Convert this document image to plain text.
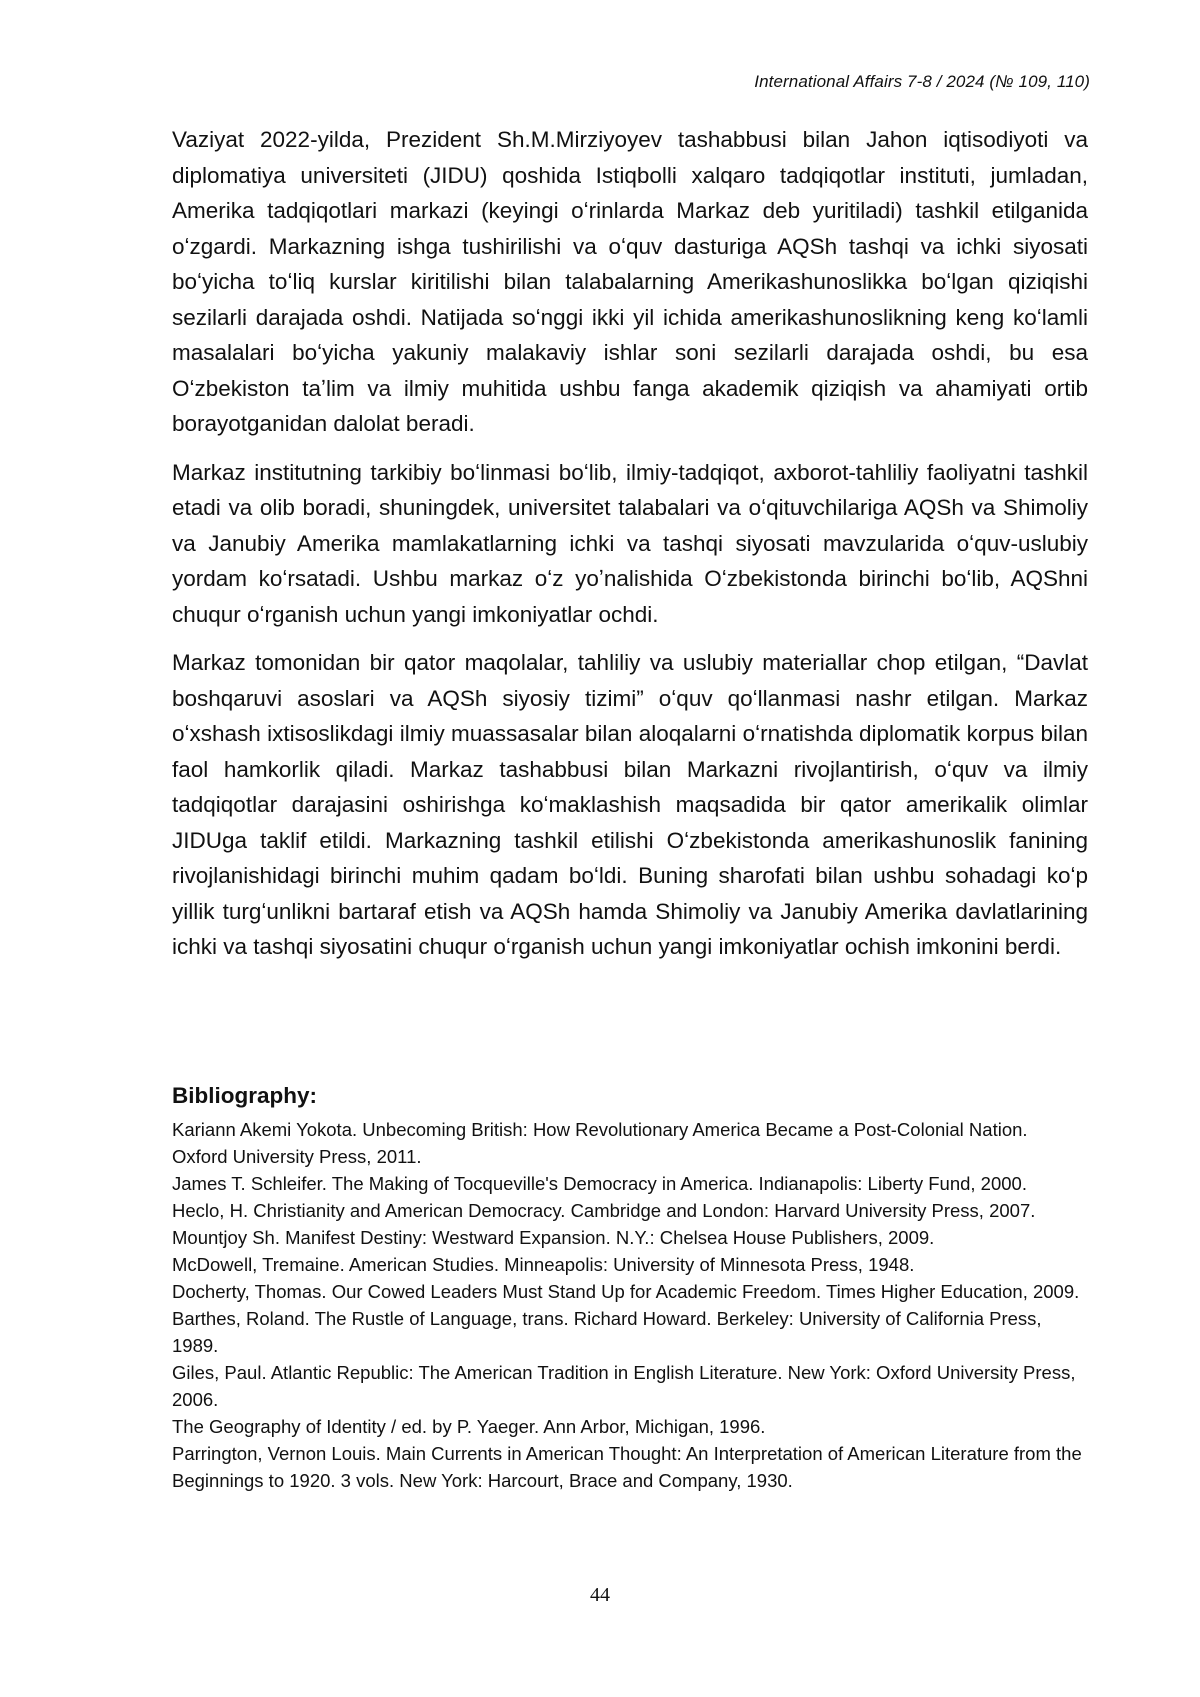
International Affairs 7-8 / 2024 (№ 109, 110)

Vaziyat 2022-yilda, Prezident Sh.M.Mirziyoyev tashabbusi bilan Jahon iqtisodiyoti va diplomatiya universiteti (JIDU) qoshida Istiqbolli xalqaro tadqiqotlar instituti, jumladan, Amerika tadqiqotlari markazi (keyingi oʻrinlarda Markaz deb yuritiladi) tashkil etilganida oʻzgardi. Markazning ishga tushirilishi va oʻquv dasturiga AQSh tashqi va ichki siyosati boʻyicha toʻliq kurslar kiritilishi bilan talabalarning Amerikashunoslikka boʻlgan qiziqishi sezilarli darajada oshdi. Natijada soʻnggi ikki yil ichida amerikashunoslikning keng koʻlamli masalalari boʻyicha yakuniy malakaviy ishlar soni sezilarli darajada oshdi, bu esa Oʻzbekiston taʼlim va ilmiy muhitida ushbu fanga akademik qiziqish va ahamiyati ortib borayotganidan dalolat beradi.

Markaz institutning tarkibiy boʻlinmasi boʻlib, ilmiy-tadqiqot, axborot-tahliliy faoliyatni tashkil etadi va olib boradi, shuningdek, universitet talabalari va oʻqituvchilariga AQSh va Shimoliy va Janubiy Amerika mamlakatlarning ichki va tashqi siyosati mavzularida oʻquv-uslubiy yordam koʻrsatadi. Ushbu markaz oʻz yoʼnalishida Oʻzbekistonda birinchi boʻlib, AQShni chuqur oʻrganish uchun yangi imkoniyatlar ochdi.

Markaz tomonidan bir qator maqolalar, tahliliy va uslubiy materiallar chop etilgan, “Davlat boshqaruvi asoslari va AQSh siyosiy tizimi” oʻquv qoʻllanmasi nashr etilgan. Markaz oʻxshash ixtisoslikdagi ilmiy muassasalar bilan aloqalarni oʻrnatishda diplomatik korpus bilan faol hamkorlik qiladi. Markaz tashabbusi bilan Markazni rivojlantirish, oʻquv va ilmiy tadqiqotlar darajasini oshirishga koʻmaklashish maqsadida bir qator amerikalik olimlar JIDUga taklif etildi. Markazning tashkil etilishi Oʻzbekistonda amerikashunoslik fanining rivojlanishidagi birinchi muhim qadam boʻldi. Buning sharofati bilan ushbu sohadagi koʻp yillik turgʻunlikni bartaraf etish va AQSh hamda Shimoliy va Janubiy Amerika davlatlarining ichki va tashqi siyosatini chuqur oʻrganish uchun yangi imkoniyatlar ochish imkonini berdi.

Bibliography:
Kariann Akemi Yokota. Unbecoming British: How Revolutionary America Became a Post-Colonial Nation. Oxford University Press, 2011.
James T. Schleifer. The Making of Tocqueville's Democracy in America. Indianapolis: Liberty Fund, 2000.
Heclo, H. Christianity and American Democracy. Cambridge and London: Harvard University Press, 2007.
Mountjoy Sh. Manifest Destiny: Westward Expansion. N.Y.: Chelsea House Publishers, 2009.
McDowell, Tremaine. American Studies. Minneapolis: University of Minnesota Press, 1948.
Docherty, Thomas. Our Cowed Leaders Must Stand Up for Academic Freedom. Times Higher Education, 2009.
Barthes, Roland. The Rustle of Language, trans. Richard Howard. Berkeley: University of California Press, 1989.
Giles, Paul. Atlantic Republic: The American Tradition in English Literature. New York: Oxford University Press, 2006.
The Geography of Identity / ed. by P. Yaeger. Ann Arbor, Michigan, 1996.
Parrington, Vernon Louis. Main Currents in American Thought: An Interpretation of American Literature from the Beginnings to 1920. 3 vols. New York: Harcourt, Brace and Company, 1930.
44
